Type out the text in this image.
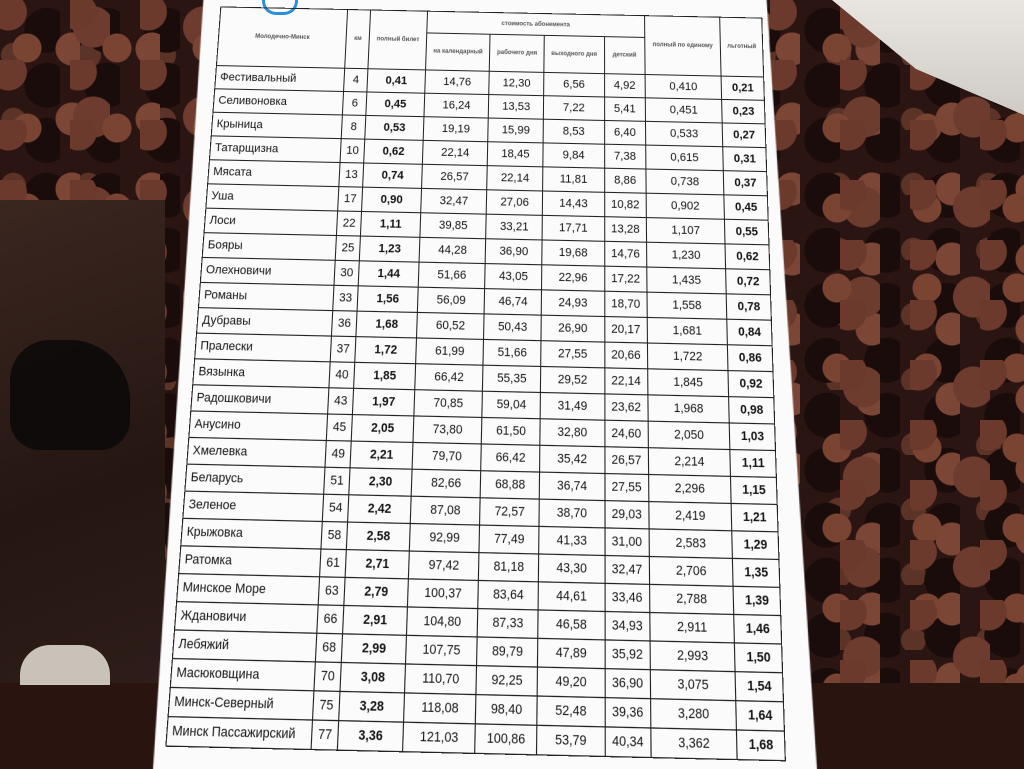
Молодечно-Минск	км	полный билет	стоимость абонемента				полный по единому	льготный
			на календарный	рабочего дня	выходного дня	детский		
Фестивальный	4	0,41	14,76	12,30	6,56	4,92	0,410	0,21
Селивоновка	6	0,45	16,24	13,53	7,22	5,41	0,451	0,23
Крыница	8	0,53	19,19	15,99	8,53	6,40	0,533	0,27
Татарщизна	10	0,62	22,14	18,45	9,84	7,38	0,615	0,31
Мясата	13	0,74	26,57	22,14	11,81	8,86	0,738	0,37
Уша	17	0,90	32,47	27,06	14,43	10,82	0,902	0,45
Лоси	22	1,11	39,85	33,21	17,71	13,28	1,107	0,55
Бояры	25	1,23	44,28	36,90	19,68	14,76	1,230	0,62
Олехновичи	30	1,44	51,66	43,05	22,96	17,22	1,435	0,72
Романы	33	1,56	56,09	46,74	24,93	18,70	1,558	0,78
Дубравы	36	1,68	60,52	50,43	26,90	20,17	1,681	0,84
Пралески	37	1,72	61,99	51,66	27,55	20,66	1,722	0,86
Вязынка	40	1,85	66,42	55,35	29,52	22,14	1,845	0,92
Радошковичи	43	1,97	70,85	59,04	31,49	23,62	1,968	0,98
Анусино	45	2,05	73,80	61,50	32,80	24,60	2,050	1,03
Хмелевка	49	2,21	79,70	66,42	35,42	26,57	2,214	1,11
Беларусь	51	2,30	82,66	68,88	36,74	27,55	2,296	1,15
Зеленое	54	2,42	87,08	72,57	38,70	29,03	2,419	1,21
Крыжовка	58	2,58	92,99	77,49	41,33	31,00	2,583	1,29
Ратомка	61	2,71	97,42	81,18	43,30	32,47	2,706	1,35
Минское Море	63	2,79	100,37	83,64	44,61	33,46	2,788	1,39
Ждановичи	66	2,91	104,80	87,33	46,58	34,93	2,911	1,46
Лебяжий	68	2,99	107,75	89,79	47,89	35,92	2,993	1,50
Масюковщина	70	3,08	110,70	92,25	49,20	36,90	3,075	1,54
Минск-Северный	75	3,28	118,08	98,40	52,48	39,36	3,280	1,64
Минск Пассажирский	77	3,36	121,03	100,86	53,79	40,34	3,362	1,68
